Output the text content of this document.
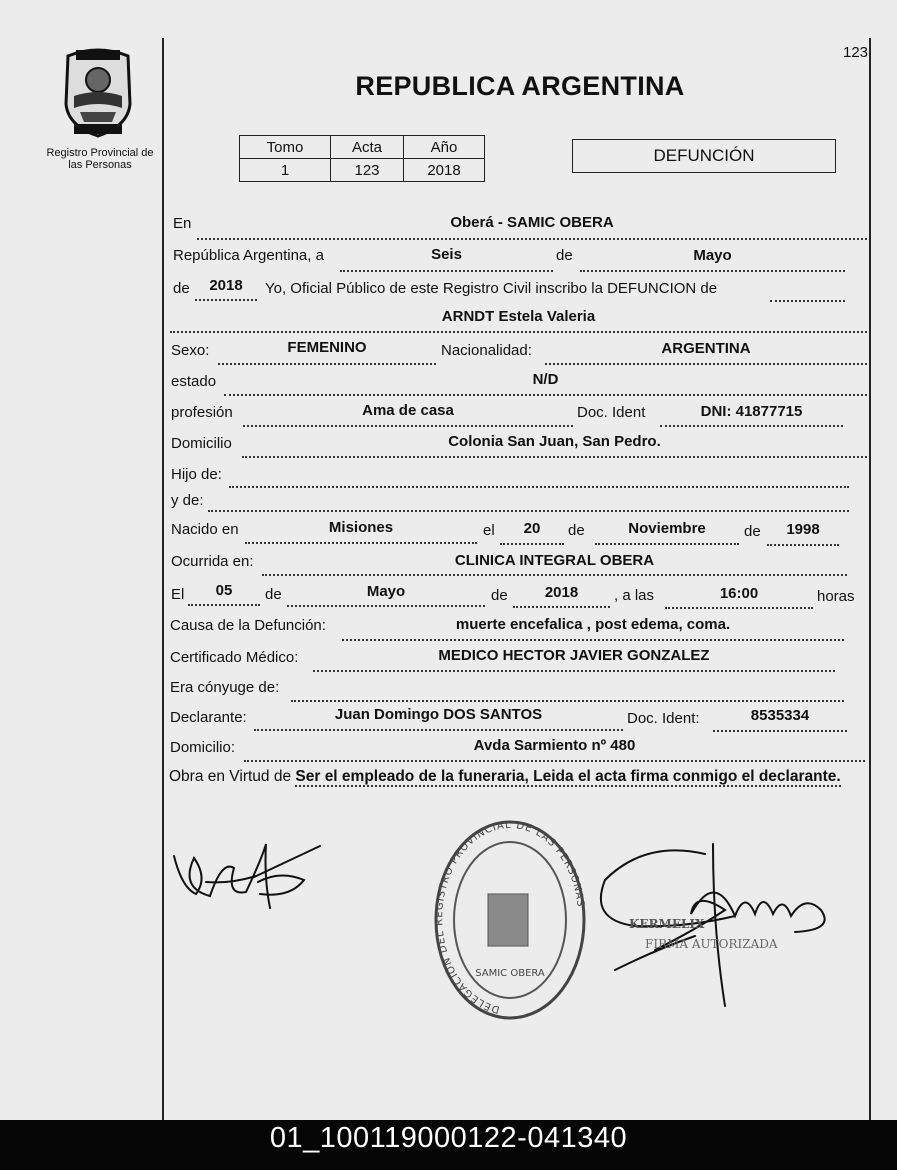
123
Registro Provincial de las Personas
REPUBLICA ARGENTINA
Tomo	Acta	Año
1	123	2018
DEFUNCIÓN
En	Oberá - SAMIC OBERA
República Argentina, a	Seis	de	Mayo
de	2018	Yo, Oficial Público de este Registro Civil inscribo la DEFUNCION de
ARNDT Estela Valeria
Sexo:	FEMENINO	Nacionalidad:	ARGENTINA
estado	N/D
profesión	Ama de casa	Doc. Ident	DNI: 41877715
Domicilio	Colonia San Juan, San Pedro.
Hijo de:
y de:
Nacido en	Misiones	el	20	de	Noviembre	de	1998
Ocurrida en:	CLINICA INTEGRAL OBERA
El	05	de	Mayo	de	2018	, a las	16:00	horas
Causa de la Defunción:	muerte encefalica , post edema, coma.
Certificado Médico:	MEDICO HECTOR JAVIER GONZALEZ
Era cónyuge de:
Declarante:	Juan Domingo DOS SANTOS	Doc. Ident:	8535334
Domicilio:	Avda Sarmiento nº 480
Obra en Virtud de Ser el empleado de la funeraria, Leida el acta firma conmigo el declarante.
DELEGACIÓN DEL REGISTRO PROVINCIAL DE LAS PERSONAS
SAMIC OBERA
KERMELIX
FIRMA AUTORIZADA
01_100119000122-041340
